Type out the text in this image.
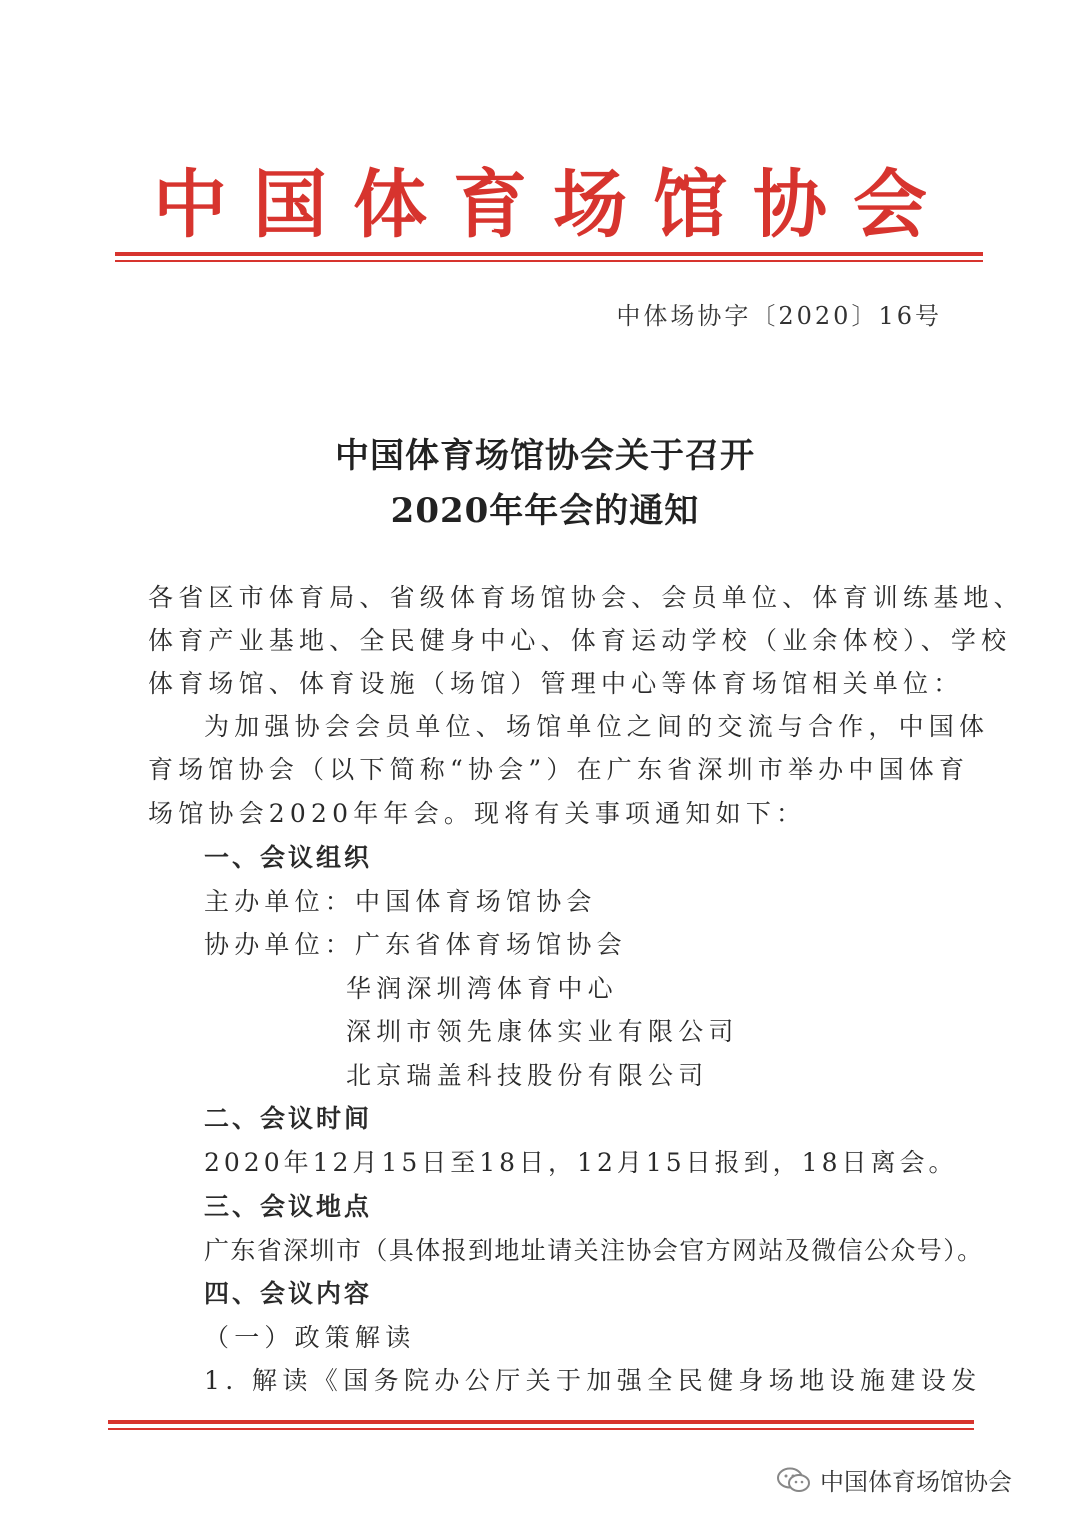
中国体育场馆协会
中体场协字〔2020〕16号
中国体育场馆协会关于召开
2020年年会的通知
各省区市体育局、省级体育场馆协会、会员单位、体育训练基地、
体育产业基地、全民健身中心、体育运动学校（业余体校）、学校
体育场馆、体育设施（场馆）管理中心等体育场馆相关单位：
为加强协会会员单位、场馆单位之间的交流与合作，中国体
育场馆协会（以下简称“协会”）在广东省深圳市举办中国体育
场馆协会2020年年会。现将有关事项通知如下：
一、会议组织
主办单位：中国体育场馆协会
协办单位：广东省体育场馆协会
华润深圳湾体育中心
深圳市领先康体实业有限公司
北京瑞盖科技股份有限公司
二、会议时间
2020年12月15日至18日，12月15日报到，18日离会。
三、会议地点
广东省深圳市（具体报到地址请关注协会官方网站及微信公众号）。
四、会议内容
（一）政策解读
1. 解读《国务院办公厅关于加强全民健身场地设施建设发
中国体育场馆协会
